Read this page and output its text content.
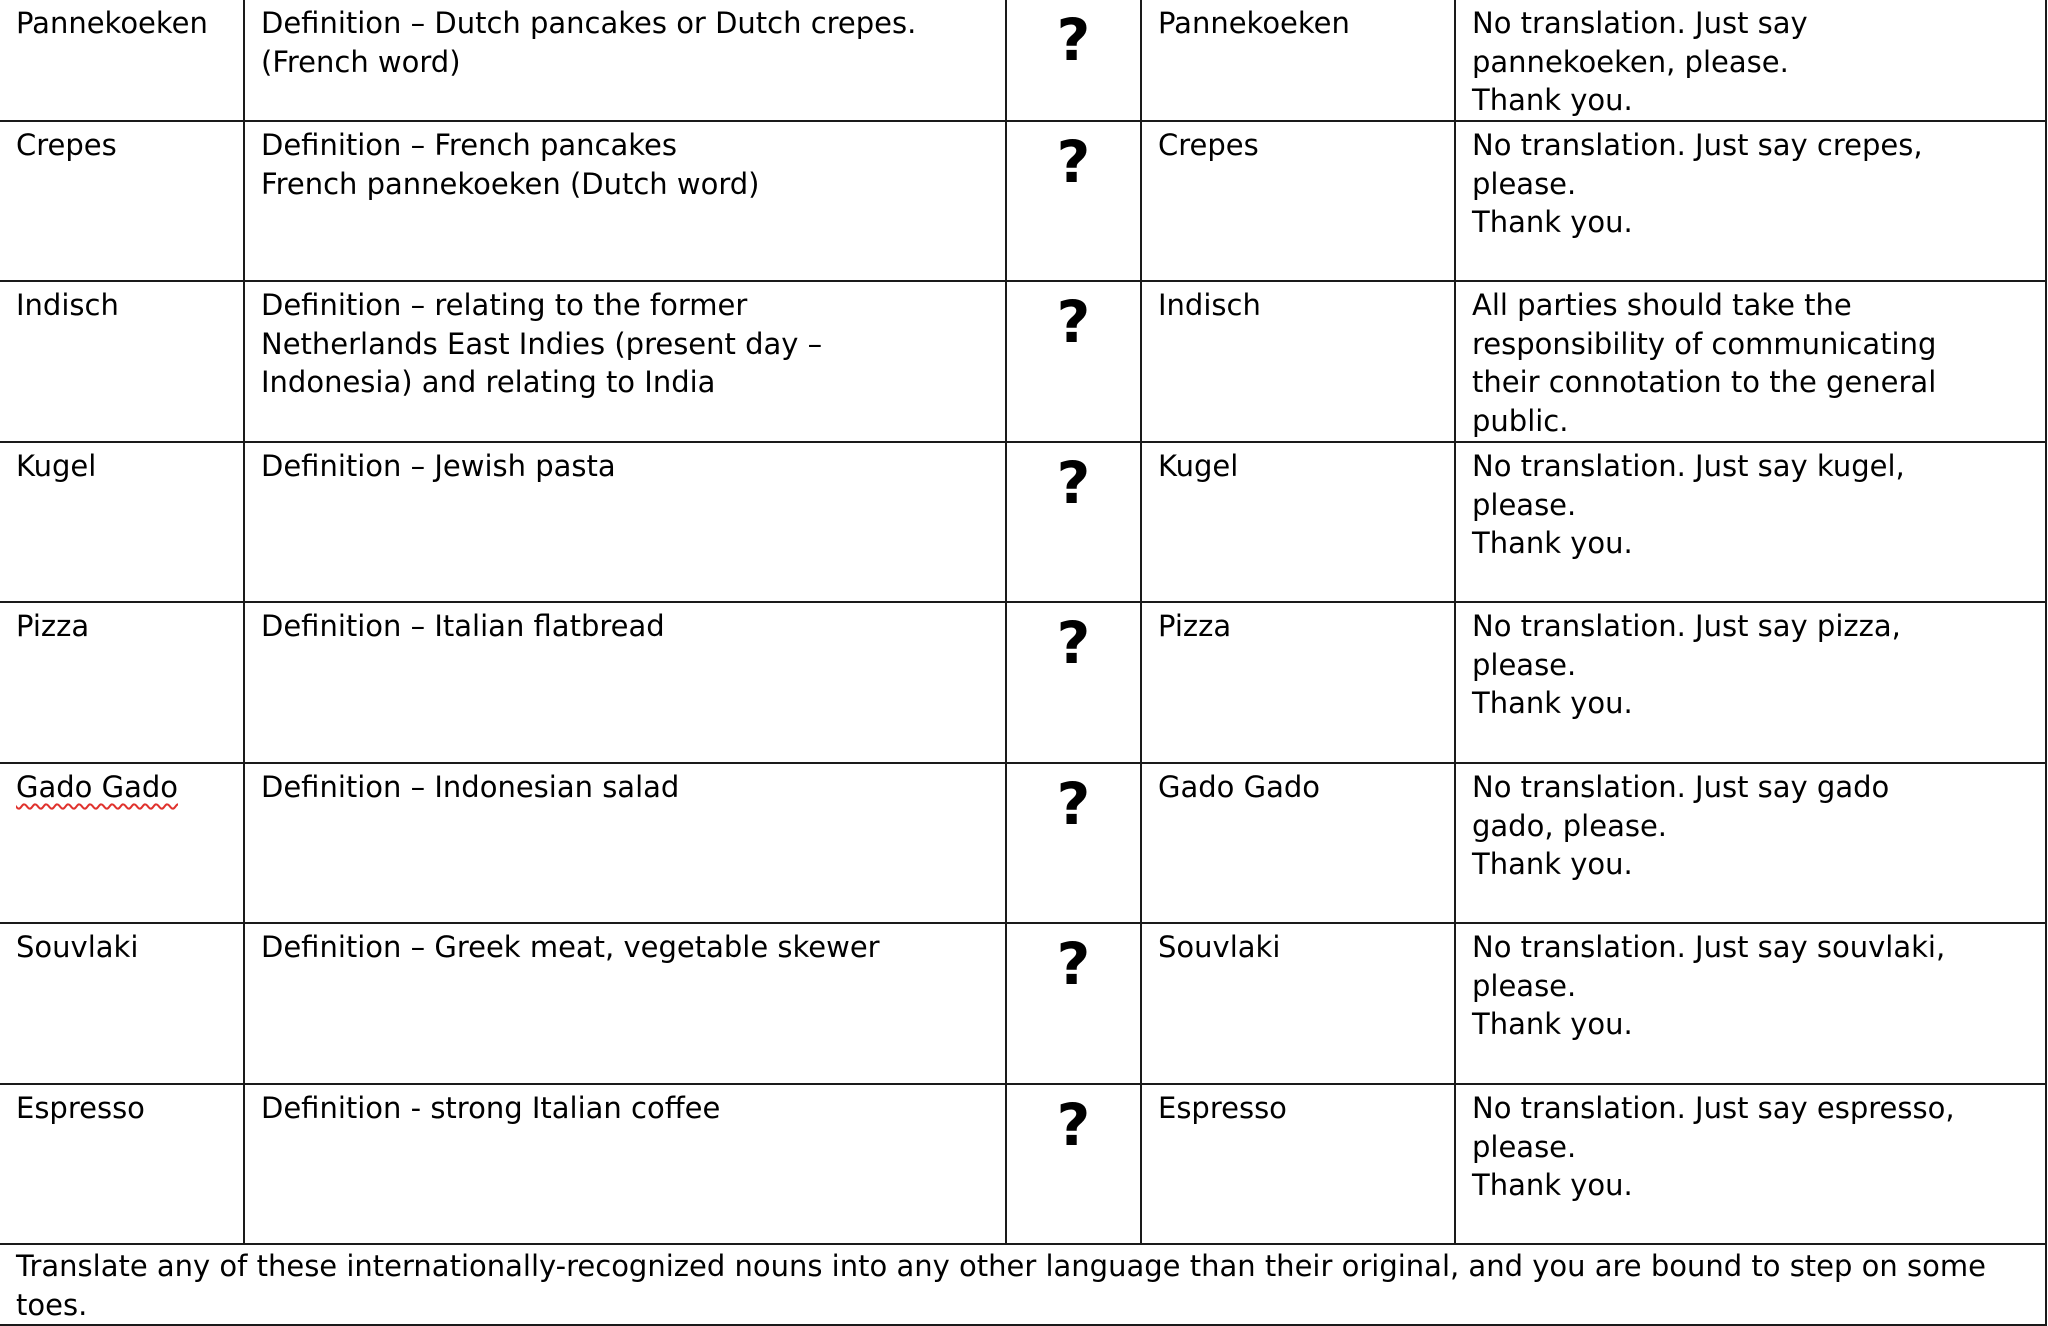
Pannekoeken	Definition – Dutch pancakes or Dutch crepes.
(French word)	?	Pannekoeken	No translation. Just say
pannekoeken, please.
Thank you.

Crepes	Definition – French pancakes
French pannekoeken (Dutch word)	?	Crepes	No translation. Just say crepes,
please.
Thank you.

Indisch	Definition – relating to the former
Netherlands East Indies (present day –
Indonesia) and relating to India	?	Indisch	All parties should take the
responsibility of communicating
their connotation to the general
public.

Kugel	Definition – Jewish pasta	?	Kugel	No translation. Just say kugel,
please.
Thank you.

Pizza	Definition – Italian flatbread	?	Pizza	No translation. Just say pizza,
please.
Thank you.

Gado Gado	Definition – Indonesian salad	?	Gado Gado	No translation. Just say gado
gado, please.
Thank you.

Souvlaki	Definition – Greek meat, vegetable skewer	?	Souvlaki	No translation. Just say souvlaki,
please.
Thank you.

Espresso	Definition - strong Italian coffee	?	Espresso	No translation. Just say espresso,
please.
Thank you.

Translate any of these internationally-recognized nouns into any other language than their original, and you are bound to step on some toes.				
